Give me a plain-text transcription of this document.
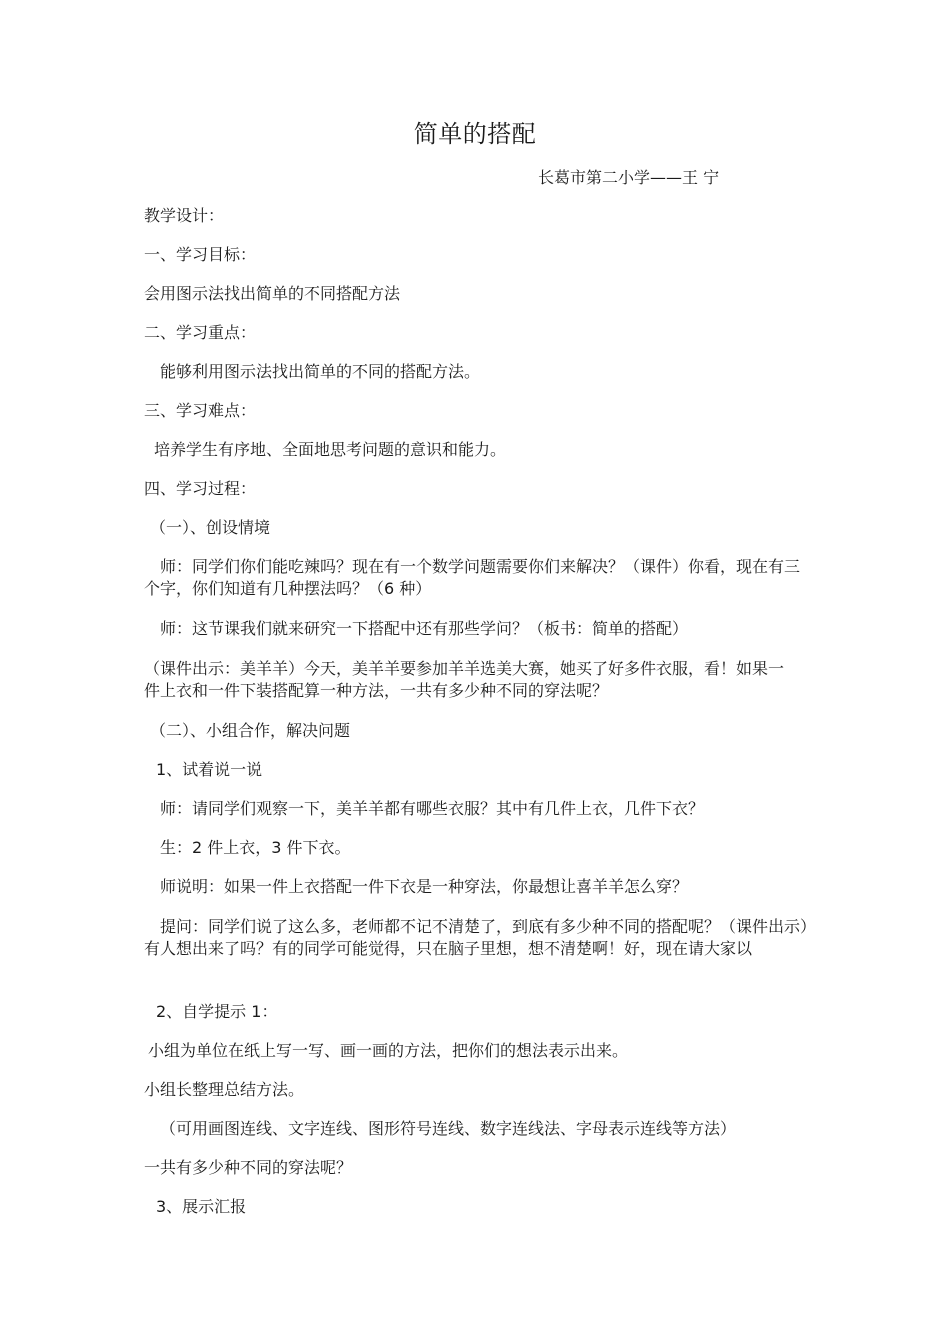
简单的搭配
长葛市第二小学——王 宁
教学设计：
一、学习目标：
会用图示法找出简单的不同搭配方法
二、学习重点：
能够利用图示法找出简单的不同的搭配方法。
三、学习难点：
培养学生有序地、全面地思考问题的意识和能力。
四、学习过程：
（一）、创设情境
师：同学们你们能吃辣吗？现在有一个数学问题需要你们来解决？（课件）你看，现在有三个字，你们知道有几种摆法吗？（6 种）
师：这节课我们就来研究一下搭配中还有那些学问？（板书：简单的搭配）
（课件出示：美羊羊）今天，美羊羊要参加羊羊选美大赛，她买了好多件衣服，看！如果一件上衣和一件下装搭配算一种方法，一共有多少种不同的穿法呢？
（二）、小组合作，解决问题
1、试着说一说
师：请同学们观察一下，美羊羊都有哪些衣服？其中有几件上衣，几件下衣？
生：2 件上衣，3 件下衣。
师说明：如果一件上衣搭配一件下衣是一种穿法，你最想让喜羊羊怎么穿？
提问：同学们说了这么多，老师都不记不清楚了，到底有多少种不同的搭配呢？（课件出示）有人想出来了吗？有的同学可能觉得，只在脑子里想，想不清楚啊！好，现在请大家以
2、自学提示 1：
小组为单位在纸上写一写、画一画的方法，把你们的想法表示出来。
小组长整理总结方法。
（可用画图连线、文字连线、图形符号连线、数字连线法、字母表示连线等方法）
一共有多少种不同的穿法呢？
3、展示汇报
